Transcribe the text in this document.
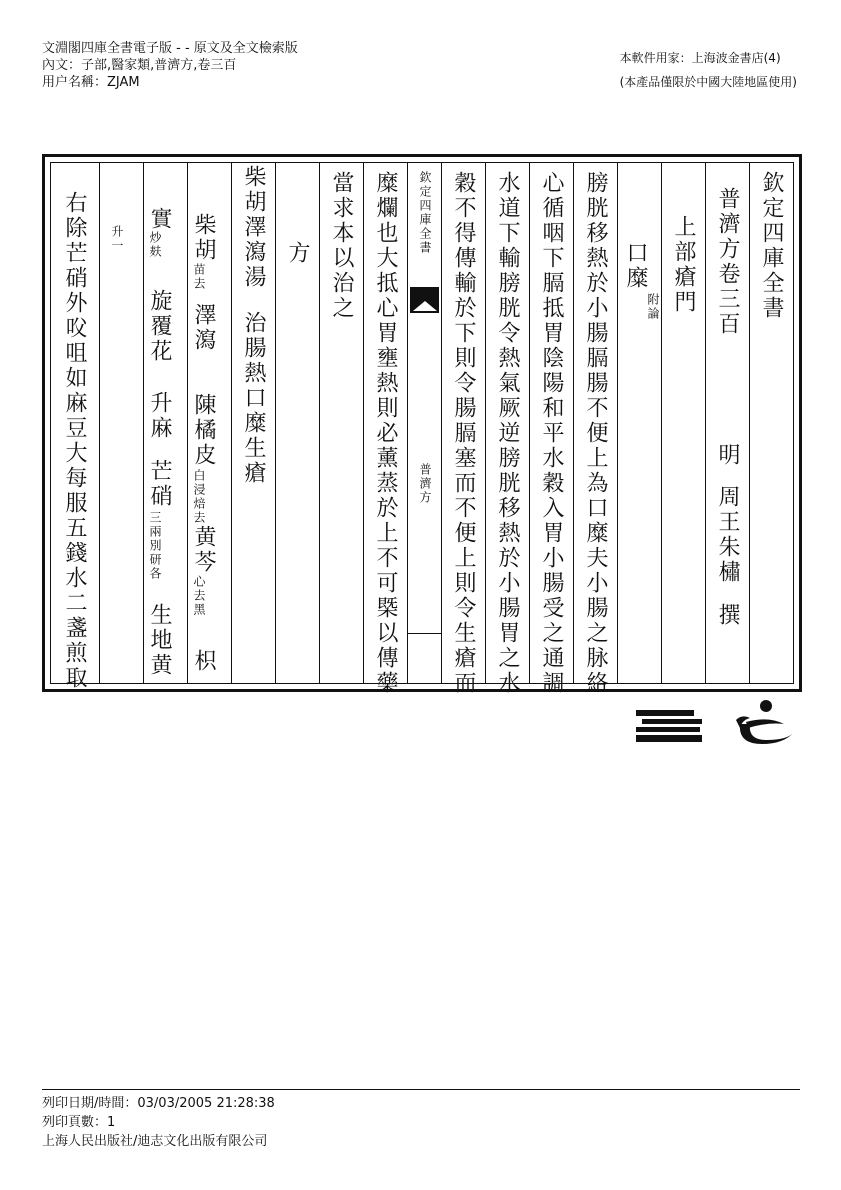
文淵閣四庫全書電子版 - - 原文及全文檢索版
內文：子部,醫家類,普濟方,卷三百
用户名稱：ZJAM
本軟件用家：上海波金書店(4)
(本產品僅限於中國大陸地區使用)
欽定四庫全書
普濟方卷三百
明
周王朱橚
撰
上部瘡門
口糜
附論
膀胱移熱於小腸膈腸不便上為口糜夫小腸之脉絡
心循咽下膈抵胃陰陽和平水穀入胃小腸受之通調
水道下輸膀胱令熱氣厥逆膀胱移熱於小腸胃之水
穀不得傳輸於下則令腸膈塞而不便上則令生瘡而
欽定四庫全書
普濟方
糜爛也大抵心胃壅熱則必薰蒸於上不可槩以傳藥
當求本以治之
方
柴胡澤瀉湯
治腸熱口糜生瘡
柴胡
苗去
澤瀉
陳橘皮
白浸焙去
黄芩
心去黑
枳
實
炒麸
旋覆花
升麻
芒硝
三兩別研各
生地黄
升一
右除芒硝外㕮咀如麻豆大每服五錢水二盞煎取
列印日期/時間：03/03/2005 21:28:38
列印頁數：1
上海人民出版社/迪志文化出版有限公司
